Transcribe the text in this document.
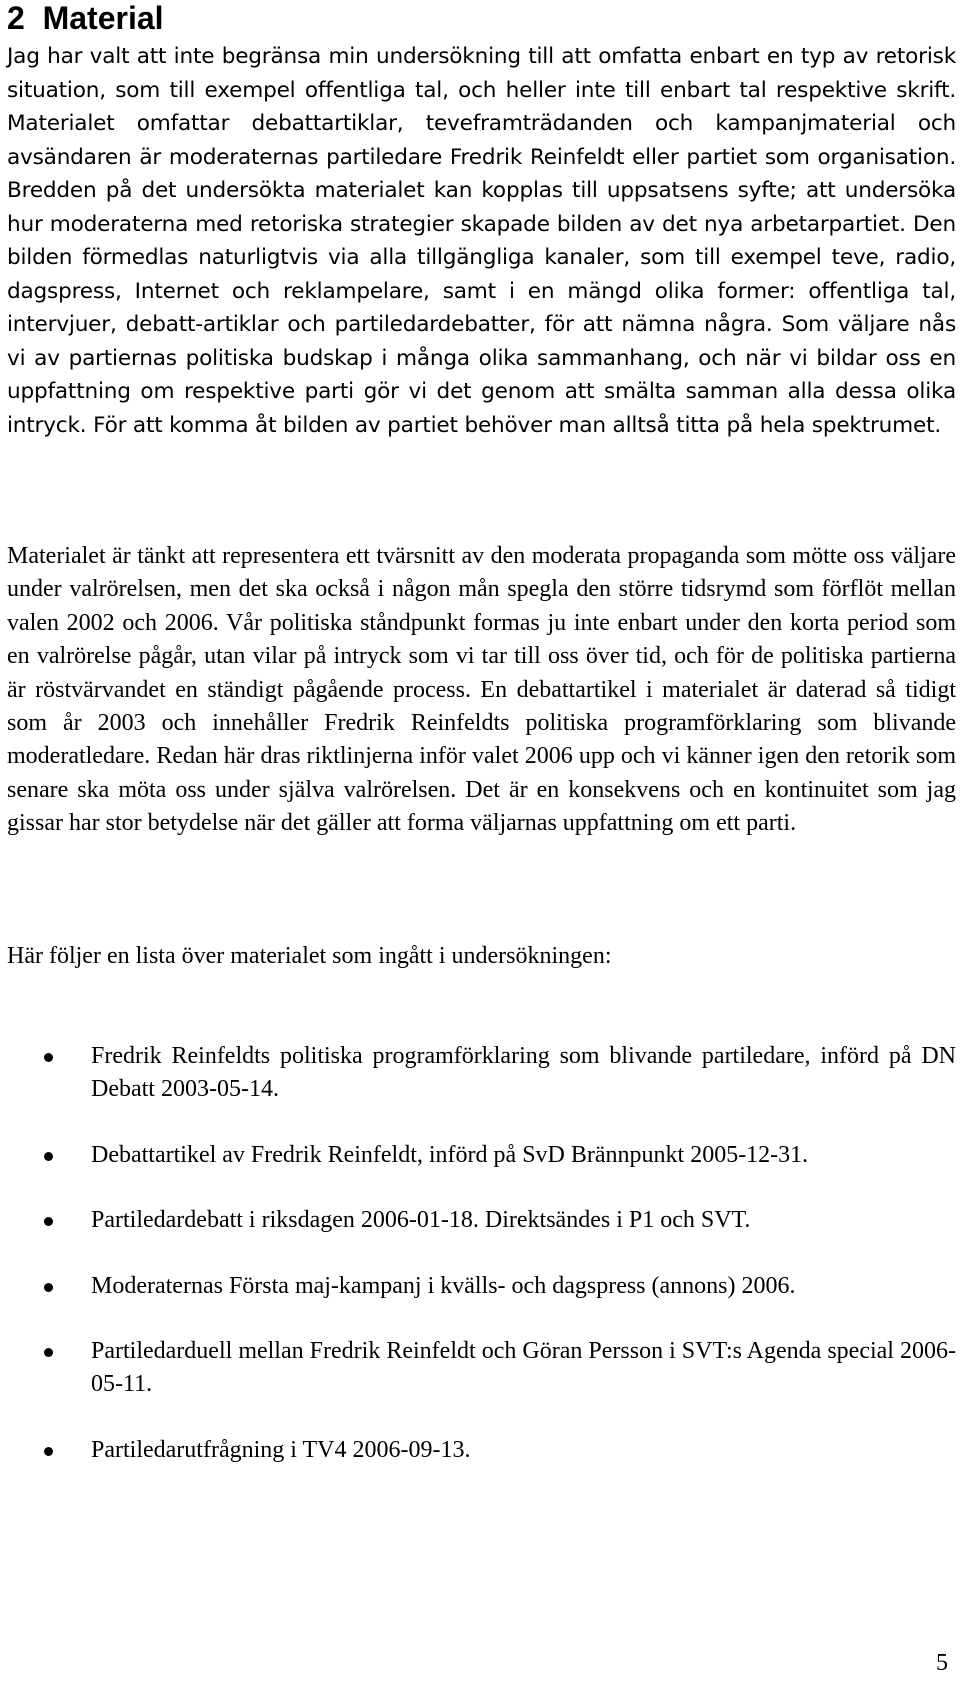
2 Material

Jag har valt att inte begränsa min undersökning till att omfatta enbart en typ av retorisk situation, som till exempel offentliga tal, och heller inte till enbart tal respektive skrift. Materialet omfattar debattartiklar, teveframträdanden och kampanjmaterial och avsändaren är moderaternas partiledare Fredrik Reinfeldt eller partiet som organisation. Bredden på det undersökta materialet kan kopplas till uppsatsens syfte; att undersöka hur moderaterna med retoriska strategier skapade bilden av det nya arbetarpartiet. Den bilden förmedlas naturligtvis via alla tillgängliga kanaler, som till exempel teve, radio, dagspress, Internet och reklampelare, samt i en mängd olika former: offentliga tal, intervjuer, debatt-artiklar och partiledardebatter, för att nämna några. Som väljare nås vi av partiernas politiska budskap i många olika sammanhang, och när vi bildar oss en uppfattning om respektive parti gör vi det genom att smälta samman alla dessa olika intryck. För att komma åt bilden av partiet behöver man alltså titta på hela spektrumet.

Materialet är tänkt att representera ett tvärsnitt av den moderata propaganda som mötte oss väljare under valrörelsen, men det ska också i någon mån spegla den större tidsrymd som förflöt mellan valen 2002 och 2006. Vår politiska ståndpunkt formas ju inte enbart under den korta period som en valrörelse pågår, utan vilar på intryck som vi tar till oss över tid, och för de politiska partierna är röstvärvandet en ständigt pågående process. En debattartikel i materialet är daterad så tidigt som år 2003 och innehåller Fredrik Reinfeldts politiska programförklaring som blivande moderatledare. Redan här dras riktlinjerna inför valet 2006 upp och vi känner igen den retorik som senare ska möta oss under själva valrörelsen. Det är en konsekvens och en kontinuitet som jag gissar har stor betydelse när det gäller att forma väljarnas uppfattning om ett parti.

Här följer en lista över materialet som ingått i undersökningen:

Fredrik Reinfeldts politiska programförklaring som blivande partiledare, införd på DN Debatt 2003-05-14.
Debattartikel av Fredrik Reinfeldt, införd på SvD Brännpunkt 2005-12-31.
Partiledardebatt i riksdagen 2006-01-18. Direktsändes i P1 och SVT.
Moderaternas Första maj-kampanj i kvälls- och dagspress (annons) 2006.
Partiledarduell mellan Fredrik Reinfeldt och Göran Persson i SVT:s Agenda special 2006-05-11.
Partiledarutfrågning i TV4 2006-09-13.
5
